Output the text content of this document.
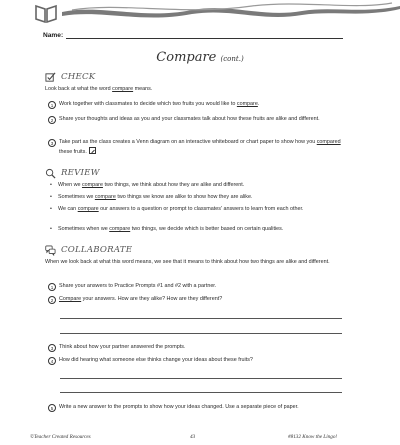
Name:
Compare (cont.)
CHECK
Look back at what the word compare means.
1	Work together with classmates to decide which two fruits you would like to compare.
2	Share your thoughts and ideas as you and your classmates talk about how these fruits are alike and different.
3	Take part as the class creates a Venn diagram on an interactive whiteboard or chart paper to show how you compared these fruits.
REVIEW
• When we compare two things, we think about how they are alike and different.
• Sometimes we compare two things we know are alike to show how they are alike.
• We can compare our answers to a question or prompt to classmates' answers to learn from each other.
• Sometimes when we compare two things, we decide which is better based on certain qualities.
COLLABORATE
When we look back at what this word means, we see that it means to think about how two things are alike and different.
1	Share your answers to Practice Prompts #1 and #2 with a partner.
2	Compare your answers. How are they alike? How are they different?
3	Think about how your partner answered the prompts.
4	How did hearing what someone else thinks change your ideas about these fruits?
5	Write a new answer to the prompts to show how your ideas changed. Use a separate piece of paper.
©Teacher Created Resources	43	#8132 Know the Lingo!
